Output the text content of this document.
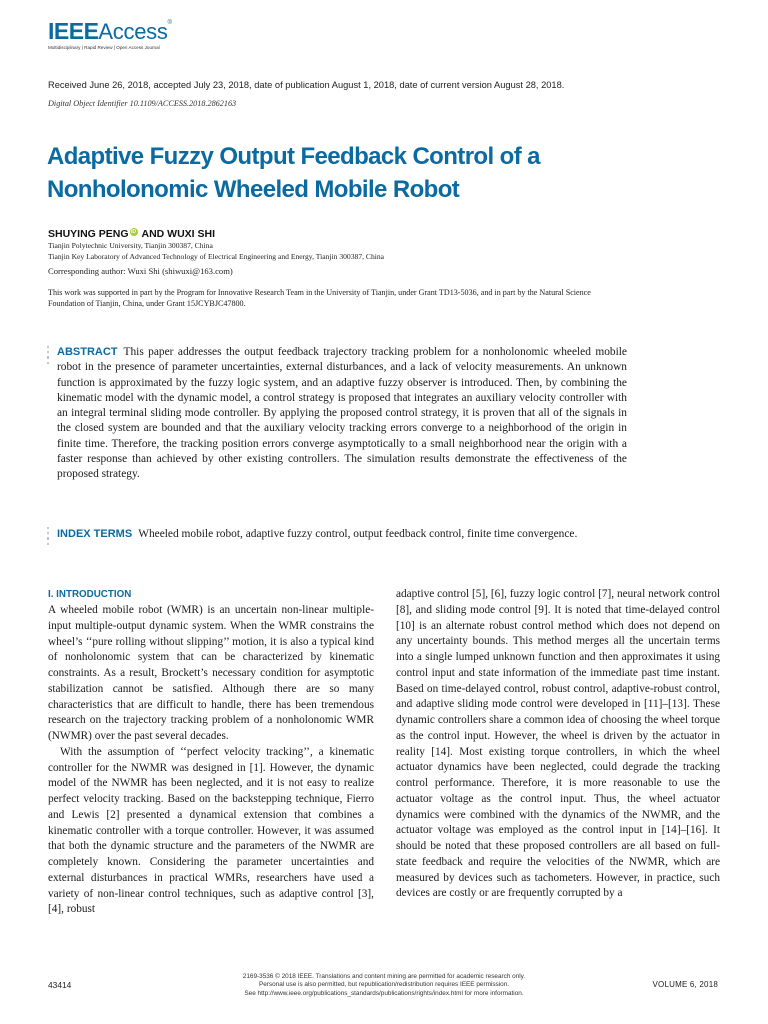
IEEEAccess®
Multidisciplinary | Rapid Review | Open Access Journal
Received June 26, 2018, accepted July 23, 2018, date of publication August 1, 2018, date of current version August 28, 2018.
Digital Object Identifier 10.1109/ACCESS.2018.2862163
Adaptive Fuzzy Output Feedback Control of a
Nonholonomic Wheeled Mobile Robot
SHUYING PENG iD AND WUXI SHI
Tianjin Polytechnic University, Tianjin 300387, China
Tianjin Key Laboratory of Advanced Technology of Electrical Engineering and Energy, Tianjin 300387, China
Corresponding author: Wuxi Shi (shiwuxi@163.com)
This work was supported in part by the Program for Innovative Research Team in the University of Tianjin, under Grant TD13-5036, and in part by the Natural Science Foundation of Tianjin, China, under Grant 15JCYBJC47800.
ABSTRACT This paper addresses the output feedback trajectory tracking problem for a nonholonomic wheeled mobile robot in the presence of parameter uncertainties, external disturbances, and a lack of velocity measurements. An unknown function is approximated by the fuzzy logic system, and an adaptive fuzzy observer is introduced. Then, by combining the kinematic model with the dynamic model, a control strategy is proposed that integrates an auxiliary velocity controller with an integral terminal sliding mode controller. By applying the proposed control strategy, it is proven that all of the signals in the closed system are bounded and that the auxiliary velocity tracking errors converge to a neighborhood of the origin in finite time. Therefore, the tracking position errors converge asymptotically to a small neighborhood near the origin with a faster response than achieved by other existing controllers. The simulation results demonstrate the effectiveness of the proposed strategy.
INDEX TERMS Wheeled mobile robot, adaptive fuzzy control, output feedback control, finite time convergence.
I. INTRODUCTION

A wheeled mobile robot (WMR) is an uncertain non-linear multiple-input multiple-output dynamic system. When the WMR constrains the wheel’s ‘‘pure rolling without slipping’’ motion, it is also a typical kind of nonholonomic system that can be characterized by kinematic constraints. As a result, Brockett’s necessary condition for asymptotic stabilization cannot be satisfied. Although there are so many characteristics that are difficult to handle, there has been tremendous research on the trajectory tracking problem of a nonholonomic WMR (NWMR) over the past several decades.

With the assumption of ‘‘perfect velocity tracking’’, a kinematic controller for the NWMR was designed in [1]. However, the dynamic model of the NWMR has been neglected, and it is not easy to realize perfect velocity tracking. Based on the backstepping technique, Fierro and Lewis [2] presented a dynamical extension that combines a kinematic controller with a torque controller. However, it was assumed that both the dynamic structure and the parameters of the NWMR are completely known. Considering the parameter uncertainties and external disturbances in practical WMRs, researchers have used a variety of non-linear control techniques, such as adaptive control [3], [4], robust

adaptive control [5], [6], fuzzy logic control [7], neural network control [8], and sliding mode control [9]. It is noted that time-delayed control [10] is an alternate robust control method which does not depend on any uncertainty bounds. This method merges all the uncertain terms into a single lumped unknown function and then approximates it using control input and state information of the immediate past time instant. Based on time-delayed control, robust control, adaptive-robust control, and adaptive sliding mode control were developed in [11]–[13]. These dynamic controllers share a common idea of choosing the wheel torque as the control input. However, the wheel is driven by the actuator in reality [14]. Most existing torque controllers, in which the wheel actuator dynamics have been neglected, could degrade the tracking control performance. Therefore, it is more reasonable to use the actuator voltage as the control input. Thus, the wheel actuator dynamics were combined with the dynamics of the NWMR, and the actuator voltage was employed as the control input in [14]–[16]. It should be noted that these proposed controllers are all based on full-state feedback and require the velocities of the NWMR, which are measured by devices such as tachometers. However, in practice, such devices are costly or are frequently corrupted by a

43414
2169-3536 © 2018 IEEE. Translations and content mining are permitted for academic research only.
Personal use is also permitted, but republication/redistribution requires IEEE permission.
See http://www.ieee.org/publications_standards/publications/rights/index.html for more information.
VOLUME 6, 2018
